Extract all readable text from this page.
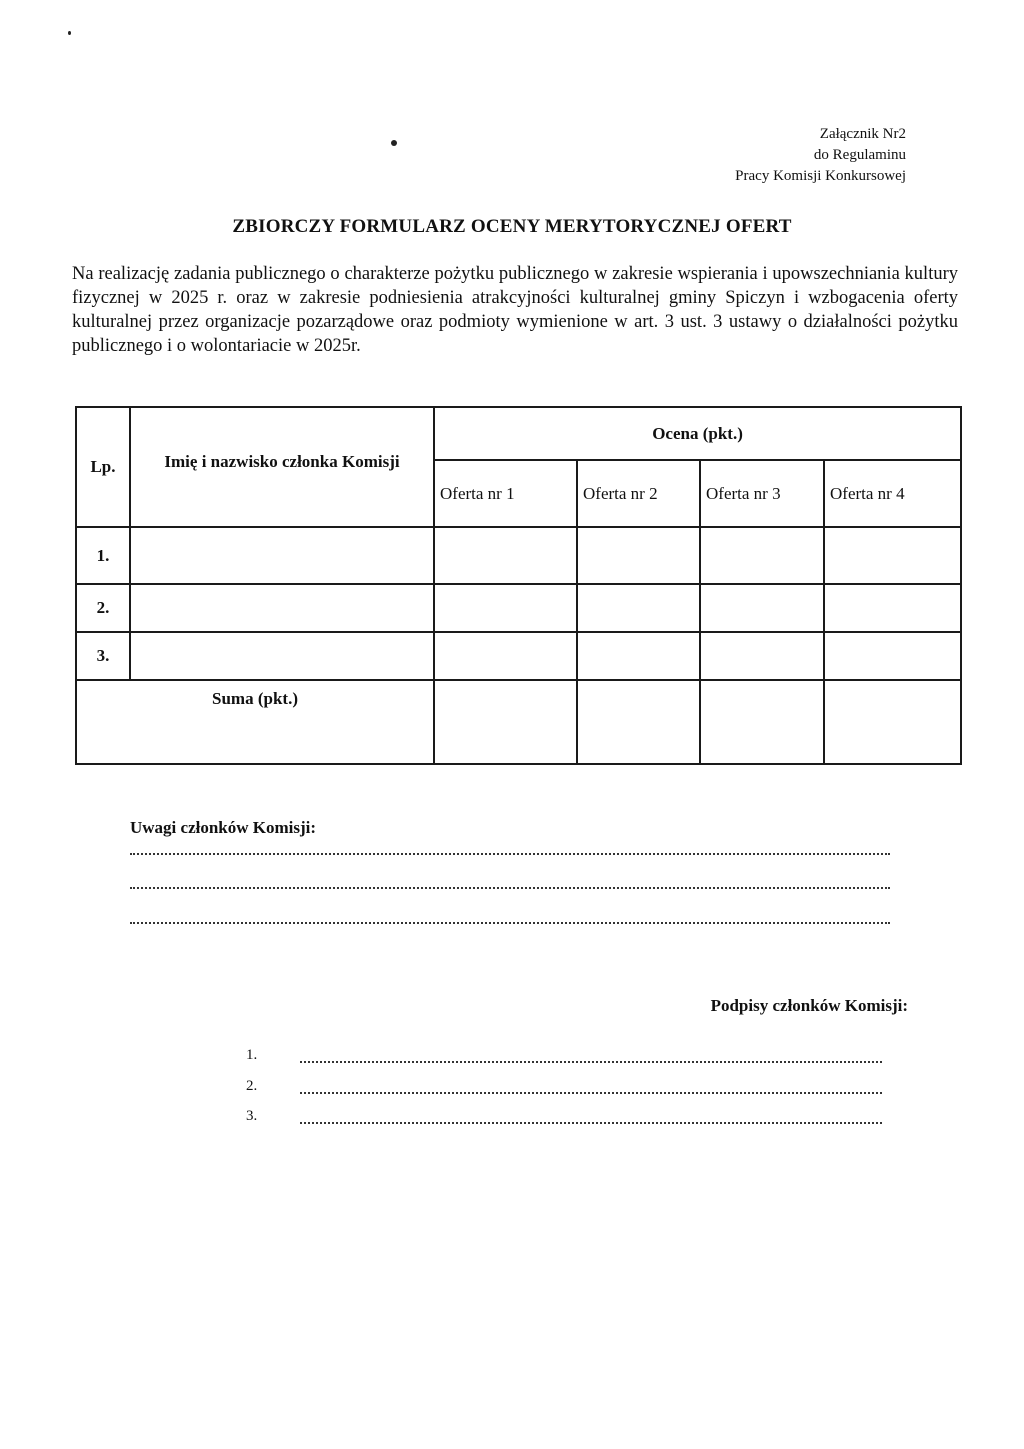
Załącznik Nr2
do Regulaminu
Pracy Komisji Konkursowej
ZBIORCZY FORMULARZ OCENY MERYTORYCZNEJ OFERT
Na realizację zadania publicznego o charakterze pożytku publicznego w zakresie wspierania i upowszechniania kultury fizycznej w 2025 r. oraz w zakresie podniesienia atrakcyjności kulturalnej gminy Spiczyn i wzbogacenia oferty kulturalnej przez organizacje pozarządowe oraz podmioty wymienione w art. 3 ust. 3 ustawy o działalności pożytku publicznego i o wolontariacie w 2025r.
Lp.	Imię i nazwisko członka Komisji	Ocena (pkt.)			
		Oferta nr 1	Oferta nr 2	Oferta nr 3	Oferta nr 4
1.					
2.					
3.					
Suma (pkt.)					
Uwagi członków Komisji:
Podpisy członków Komisji:
1.
2.
3.
